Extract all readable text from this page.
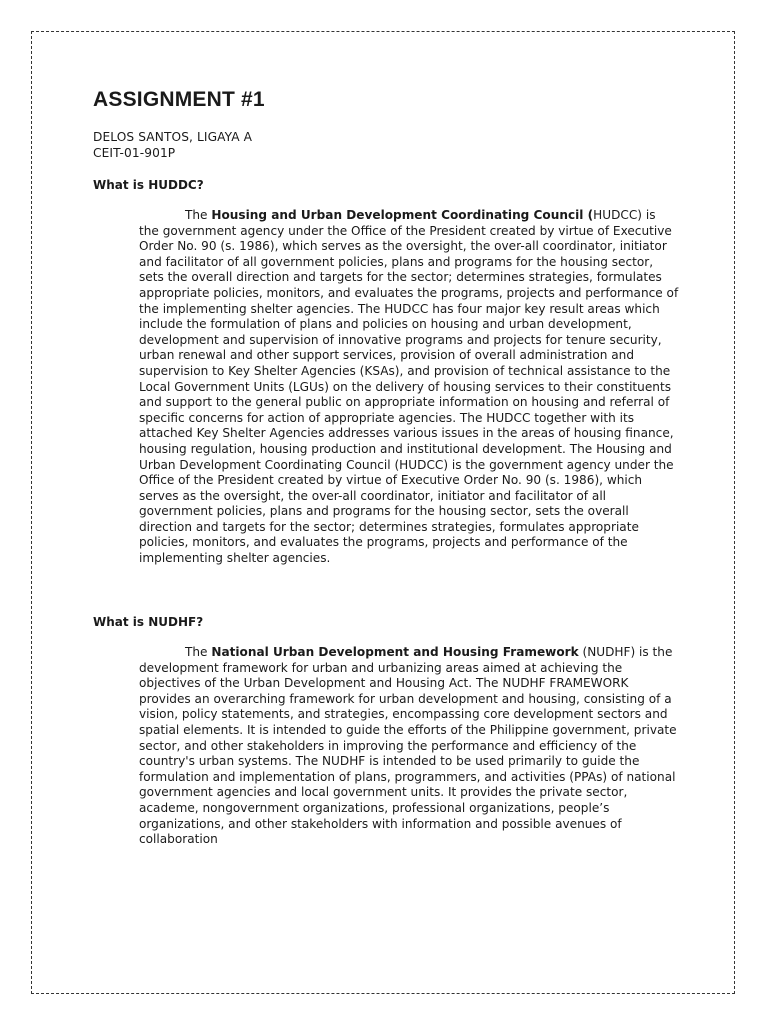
ASSIGNMENT #1
DELOS SANTOS, LIGAYA A
CEIT-01-901P
What is HUDDC?

The Housing and Urban Development Coordinating Council (HUDCC) is the government agency under the Office of the President created by virtue of Executive Order No. 90 (s. 1986), which serves as the oversight, the over-all coordinator, initiator and facilitator of all government policies, plans and programs for the housing sector, sets the overall direction and targets for the sector; determines strategies, formulates appropriate policies, monitors, and evaluates the programs, projects and performance of the implementing shelter agencies. The HUDCC has four major key result areas which include the formulation of plans and policies on housing and urban development, development and supervision of innovative programs and projects for tenure security, urban renewal and other support services, provision of overall administration and supervision to Key Shelter Agencies (KSAs), and provision of technical assistance to the Local Government Units (LGUs) on the delivery of housing services to their constituents and support to the general public on appropriate information on housing and referral of specific concerns for action of appropriate agencies. The HUDCC together with its attached Key Shelter Agencies addresses various issues in the areas of housing finance, housing regulation, housing production and institutional development. The Housing and Urban Development Coordinating Council (HUDCC) is the government agency under the Office of the President created by virtue of Executive Order No. 90 (s. 1986), which serves as the oversight, the over-all coordinator, initiator and facilitator of all government policies, plans and programs for the housing sector, sets the overall direction and targets for the sector; determines strategies, formulates appropriate policies, monitors, and evaluates the programs, projects and performance of the implementing shelter agencies.

What is NUDHF?

The National Urban Development and Housing Framework (NUDHF) is the development framework for urban and urbanizing areas aimed at achieving the objectives of the Urban Development and Housing Act. The NUDHF FRAMEWORK provides an overarching framework for urban development and housing, consisting of a vision, policy statements, and strategies, encompassing core development sectors and spatial elements. It is intended to guide the efforts of the Philippine government, private sector, and other stakeholders in improving the performance and efficiency of the country's urban systems. The NUDHF is intended to be used primarily to guide the formulation and implementation of plans, programmers, and activities (PPAs) of national government agencies and local government units. It provides the private sector, academe, nongovernment organizations, professional organizations, people’s organizations, and other stakeholders with information and possible avenues of collaboration
